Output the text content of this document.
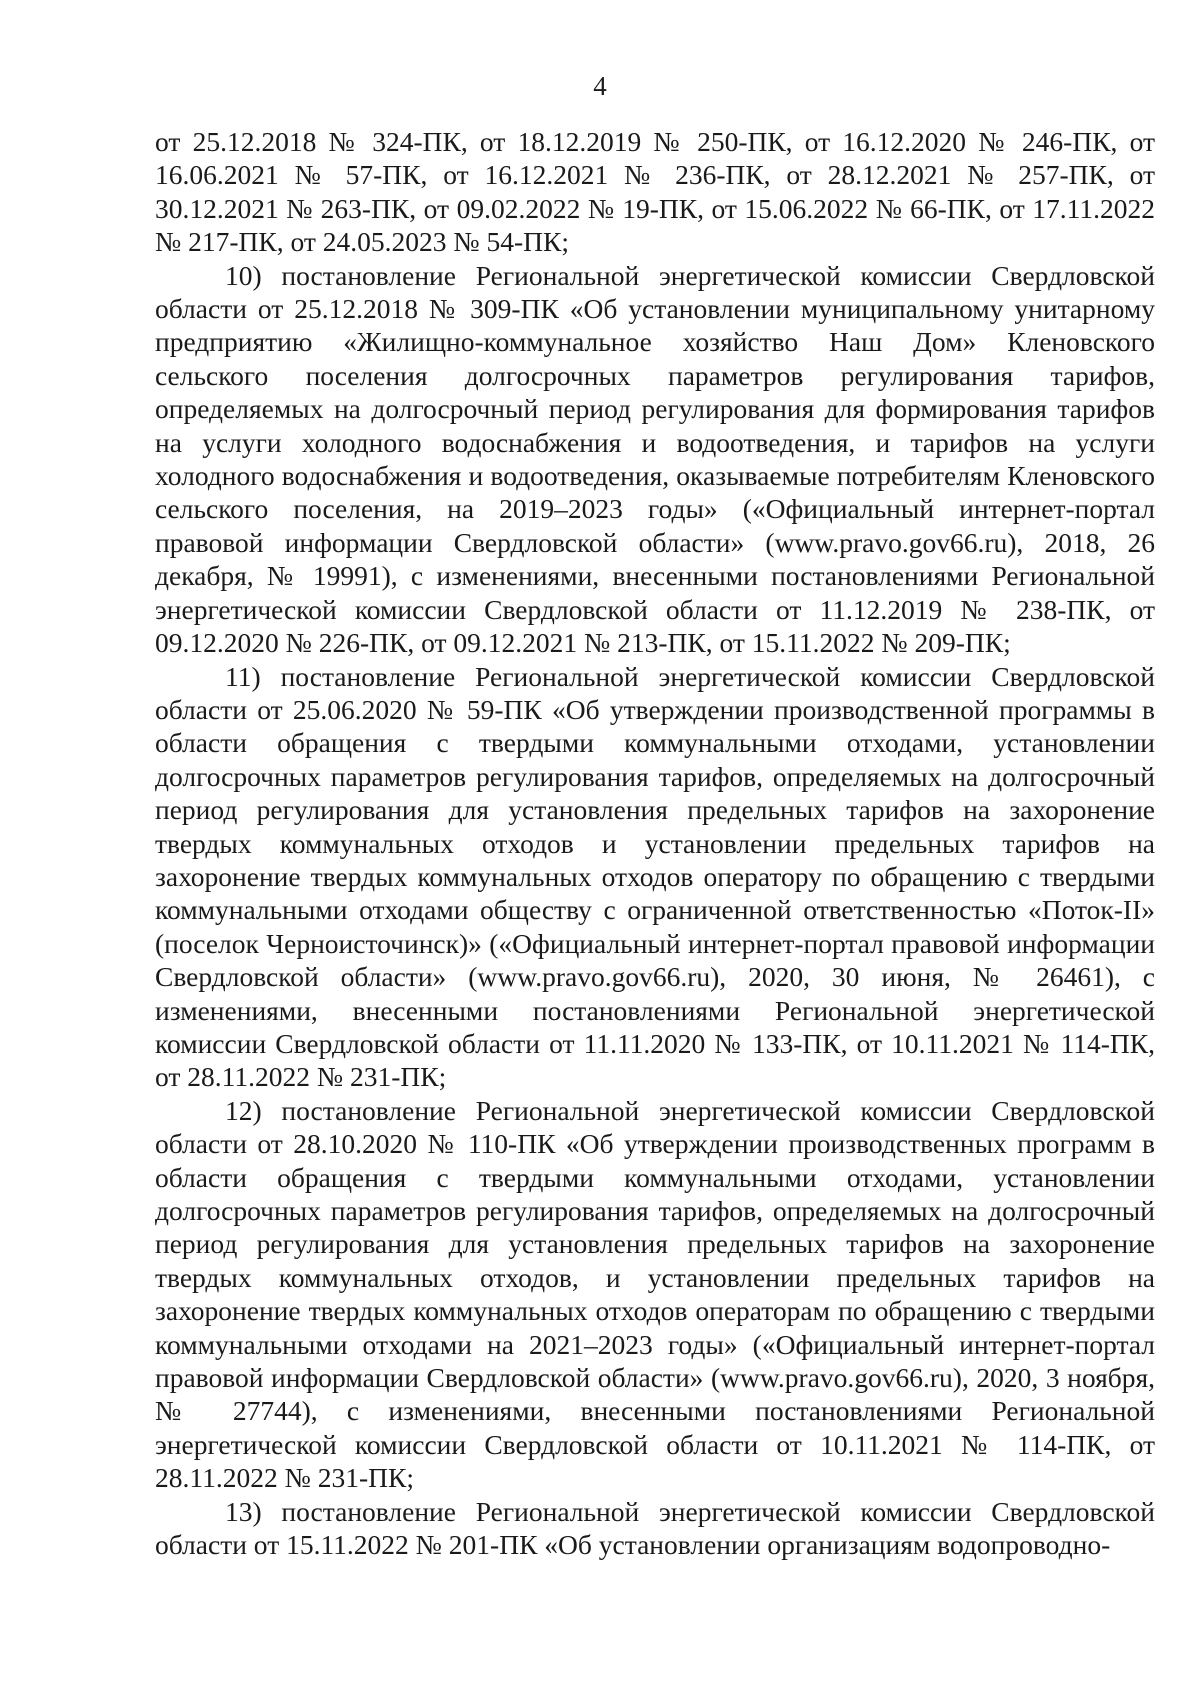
4

от 25.12.2018 № 324-ПК, от 18.12.2019 № 250-ПК, от 16.12.2020 № 246-ПК, от 16.06.2021 № 57-ПК, от 16.12.2021 № 236-ПК, от 28.12.2021 № 257-ПК, от 30.12.2021 № 263-ПК, от 09.02.2022 № 19-ПК, от 15.06.2022 № 66-ПК, от 17.11.2022 № 217-ПК, от 24.05.2023 № 54-ПК;

10) постановление Региональной энергетической комиссии Свердловской области от 25.12.2018 № 309-ПК «Об установлении муниципальному унитарному предприятию «Жилищно-коммунальное хозяйство Наш Дом» Кленовского сельского поселения долгосрочных параметров регулирования тарифов, определяемых на долгосрочный период регулирования для формирования тарифов на услуги холодного водоснабжения и водоотведения, и тарифов на услуги холодного водоснабжения и водоотведения, оказываемые потребителям Кленовского сельского поселения, на 2019–2023 годы» («Официальный интернет-портал правовой информации Свердловской области» (www.pravo.gov66.ru), 2018, 26 декабря, № 19991), с изменениями, внесенными постановлениями Региональной энергетической комиссии Свердловской области от 11.12.2019 № 238-ПК, от 09.12.2020 № 226-ПК, от 09.12.2021 № 213-ПК, от 15.11.2022 № 209-ПК;

11) постановление Региональной энергетической комиссии Свердловской области от 25.06.2020 № 59-ПК «Об утверждении производственной программы в области обращения с твердыми коммунальными отходами, установлении долгосрочных параметров регулирования тарифов, определяемых на долгосрочный период регулирования для установления предельных тарифов на захоронение твердых коммунальных отходов и установлении предельных тарифов на захоронение твердых коммунальных отходов оператору по обращению с твердыми коммунальными отходами обществу с ограниченной ответственностью «Поток-II» (поселок Черноисточинск)» («Официальный интернет-портал правовой информации Свердловской области» (www.pravo.gov66.ru), 2020, 30 июня, № 26461), с изменениями, внесенными постановлениями Региональной энергетической комиссии Свердловской области от 11.11.2020 № 133-ПК, от 10.11.2021 № 114-ПК, от 28.11.2022 № 231-ПК;

12) постановление Региональной энергетической комиссии Свердловской области от 28.10.2020 № 110-ПК «Об утверждении производственных программ в области обращения с твердыми коммунальными отходами, установлении долгосрочных параметров регулирования тарифов, определяемых на долгосрочный период регулирования для установления предельных тарифов на захоронение твердых коммунальных отходов, и установлении предельных тарифов на захоронение твердых коммунальных отходов операторам по обращению с твердыми коммунальными отходами на 2021–2023 годы» («Официальный интернет-портал правовой информации Свердловской области» (www.pravo.gov66.ru), 2020, 3 ноября, № 27744), с изменениями, внесенными постановлениями Региональной энергетической комиссии Свердловской области от 10.11.2021 № 114-ПК, от 28.11.2022 № 231-ПК;

13) постановление Региональной энергетической комиссии Свердловской области от 15.11.2022 № 201-ПК «Об установлении организациям водопроводно-
